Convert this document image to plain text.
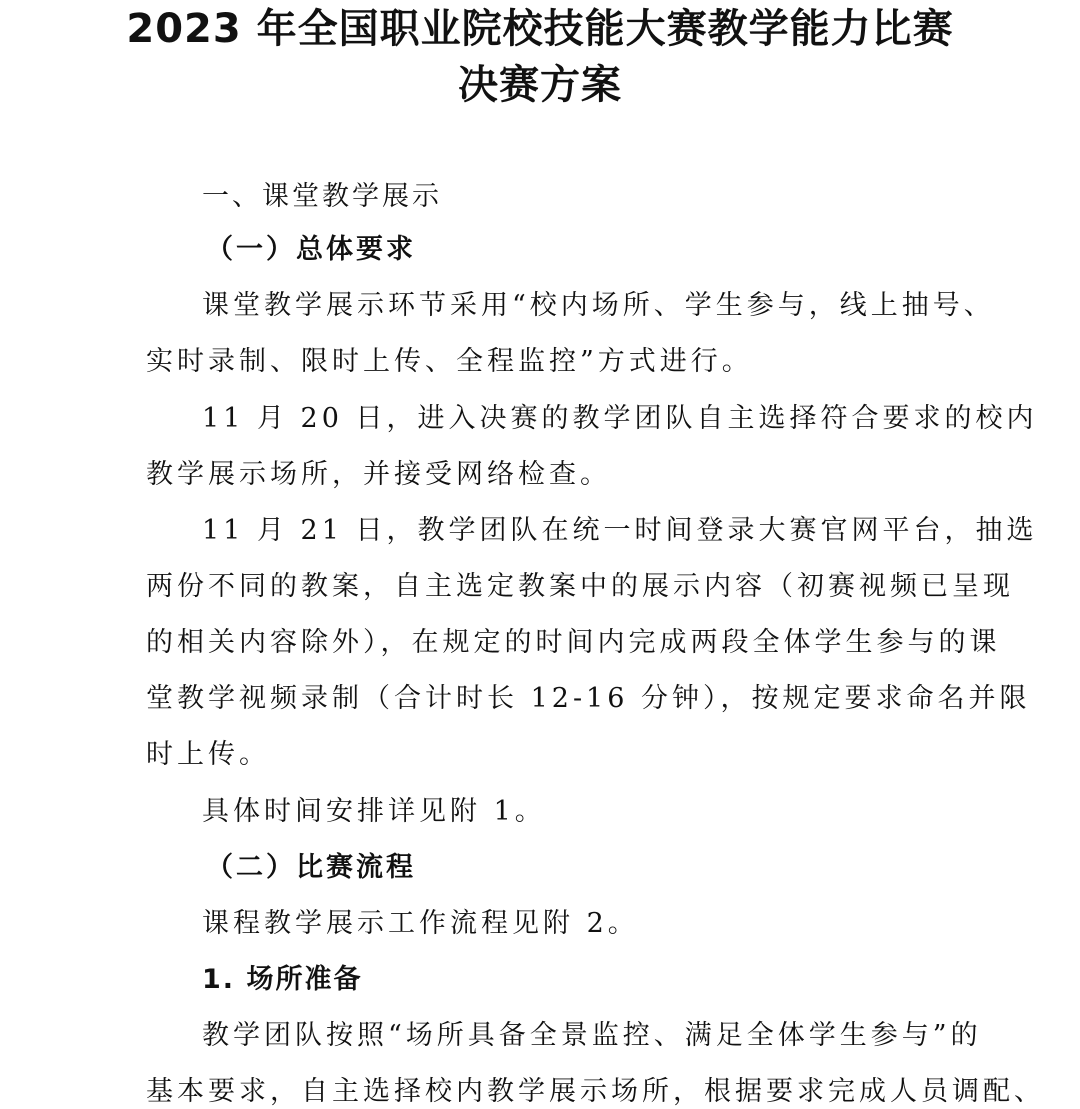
2023 年全国职业院校技能大赛教学能力比赛
决赛方案
一、课堂教学展示
（一）总体要求
课堂教学展示环节采用“校内场所、学生参与，线上抽号、
实时录制、限时上传、全程监控”方式进行。
11 月 20 日，进入决赛的教学团队自主选择符合要求的校内
教学展示场所，并接受网络检查。
11 月 21 日，教学团队在统一时间登录大赛官网平台，抽选
两份不同的教案，自主选定教案中的展示内容（初赛视频已呈现
的相关内容除外），在规定的时间内完成两段全体学生参与的课
堂教学视频录制（合计时长 12-16 分钟），按规定要求命名并限
时上传。
具体时间安排详见附 1。
（二）比赛流程
课程教学展示工作流程见附 2。
1. 场所准备
教学团队按照“场所具备全景监控、满足全体学生参与”的
基本要求，自主选择校内教学展示场所，根据要求完成人员调配、
